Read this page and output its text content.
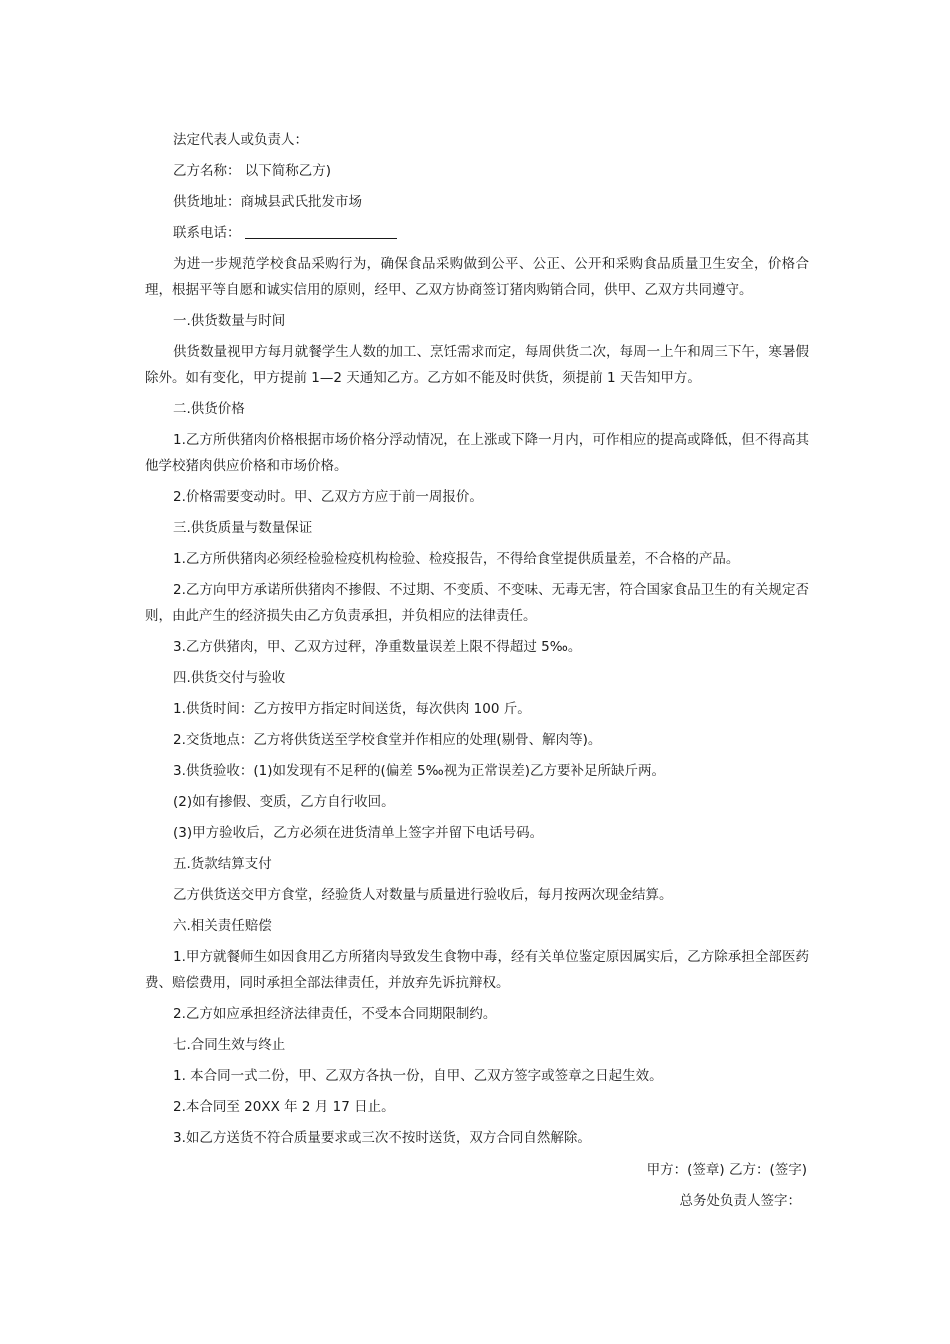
法定代表人或负责人：

乙方名称： 以下简称乙方)

供货地址：商城县武氏批发市场

联系电话：

为进一步规范学校食品采购行为，确保食品采购做到公平、公正、公开和采购食品质量卫生安全，价格合理，根据平等自愿和诚实信用的原则，经甲、乙双方协商签订猪肉购销合同，供甲、乙双方共同遵守。

一.供货数量与时间

供货数量视甲方每月就餐学生人数的加工、烹饪需求而定，每周供货二次，每周一上午和周三下午，寒暑假除外。如有变化，甲方提前 1—2 天通知乙方。乙方如不能及时供货，须提前 1 天告知甲方。

二.供货价格

1.乙方所供猪肉价格根据市场价格分浮动情况，在上涨或下降一月内，可作相应的提高或降低，但不得高其他学校猪肉供应价格和市场价格。

2.价格需要变动时。甲、乙双方方应于前一周报价。

三.供货质量与数量保证

1.乙方所供猪肉必须经检验检疫机构检验、检疫报告，不得给食堂提供质量差，不合格的产品。

2.乙方向甲方承诺所供猪肉不掺假、不过期、不变质、不变味、无毒无害，符合国家食品卫生的有关规定否则，由此产生的经济损失由乙方负责承担，并负相应的法律责任。

3.乙方供猪肉，甲、乙双方过秤，净重数量误差上限不得超过 5‰。

四.供货交付与验收

1.供货时间：乙方按甲方指定时间送货，每次供肉 100 斤。

2.交货地点：乙方将供货送至学校食堂并作相应的处理(剔骨、解肉等)。

3.供货验收：(1)如发现有不足秤的(偏差 5‰视为正常误差)乙方要补足所缺斤两。

(2)如有掺假、变质，乙方自行收回。

(3)甲方验收后，乙方必须在进货清单上签字并留下电话号码。

五.货款结算支付

乙方供货送交甲方食堂，经验货人对数量与质量进行验收后，每月按两次现金结算。

六.相关责任赔偿

1.甲方就餐师生如因食用乙方所猪肉导致发生食物中毒，经有关单位鉴定原因属实后，乙方除承担全部医药费、赔偿费用，同时承担全部法律责任，并放弃先诉抗辩权。

2.乙方如应承担经济法律责任，不受本合同期限制约。

七.合同生效与终止

1. 本合同一式二份，甲、乙双方各执一份，自甲、乙双方签字或签章之日起生效。

2.本合同至 20XX 年 2 月 17 日止。

3.如乙方送货不符合质量要求或三次不按时送货，双方合同自然解除。

甲方：(签章) 乙方：(签字)

总务处负责人签字：
